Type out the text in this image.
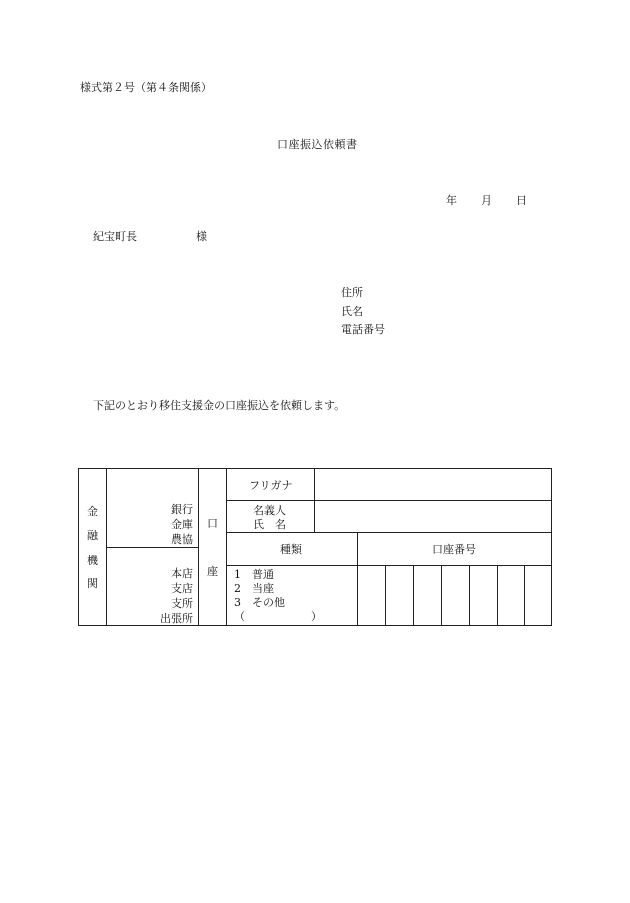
様式第２号（第４条関係）
口座振込依頼書
年 月 日
紀宝町長	様
住所
氏名
電話番号
下記のとおり移住支援金の口座振込を依頼します。
金
融
機
関
銀行
金庫
農協
本店
支店
支所
出張所
口
座
フリガナ
名義人
氏　名
種類	口座番号
1　普通
2　当座
3　その他
（　　　　　　）
